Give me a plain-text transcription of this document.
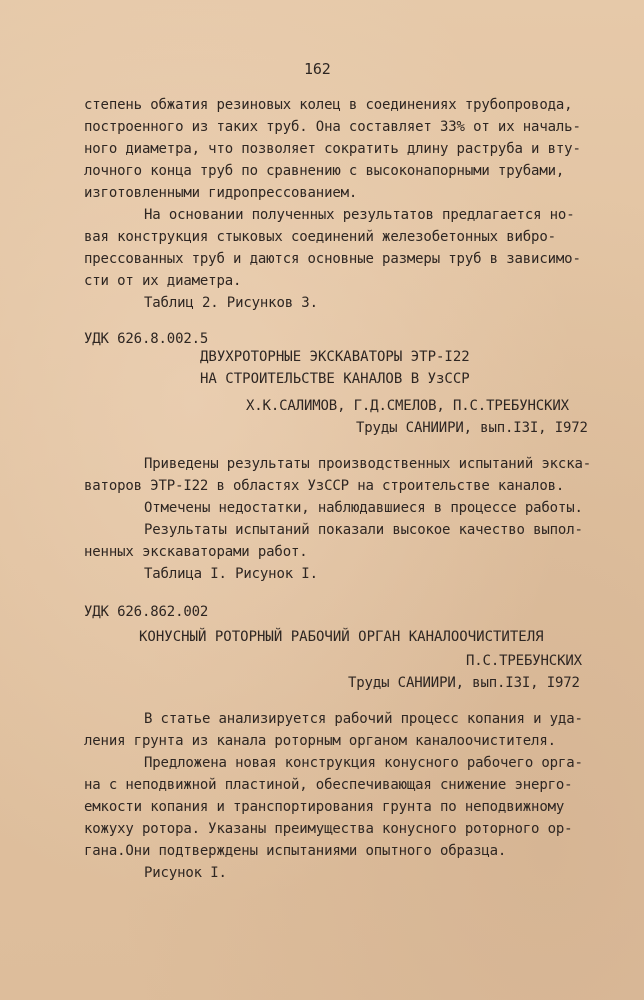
162
степень обжатия резиновых колец в соединениях трубопровода,
построенного из таких труб. Она составляет 33% от их началь-
ного диаметра, что позволяет сократить длину раструба и вту-
лочного конца труб по сравнению с высоконапорными трубами,
изготовленными гидропрессованием.
На основании полученных результатов предлагается но-
вая конструкция стыковых соединений железобетонных вибро-
прессованных труб и даются основные размеры труб в зависимо-
сти от их диаметра.
Таблиц 2. Рисунков 3.
УДК 626.8.002.5
ДВУХРОТОРНЫЕ ЭКСКАВАТОРЫ ЭТР-I22
НА СТРОИТЕЛЬСТВЕ КАНАЛОВ В УзССР
Х.К.САЛИМОВ, Г.Д.СМЕЛОВ, П.С.ТРЕБУНСКИХ
Труды САНИИРИ, вып.I3I, I972
Приведены результаты производственных испытаний экска-
ваторов ЭТР-I22 в областях УзССР на строительстве каналов.
Отмечены недостатки, наблюдавшиеся в процессе работы.
Результаты испытаний показали высокое качество выпол-
ненных экскаваторами работ.
Таблица I. Рисунок I.
УДК 626.862.002
КОНУСНЫЙ РОТОРНЫЙ РАБОЧИЙ ОРГАН КАНАЛООЧИСТИТЕЛЯ
П.С.ТРЕБУНСКИХ
Труды САНИИРИ, вып.I3I, I972
В статье анализируется рабочий процесс копания и уда-
ления грунта из канала роторным органом каналоочистителя.
Предложена новая конструкция конусного рабочего орга-
на с неподвижной пластиной, обеспечивающая снижение энерго-
емкости копания и транспортирования грунта по неподвижному
кожуху ротора. Указаны преимущества конусного роторного ор-
гана.Они подтверждены испытаниями опытного образца.
Рисунок I.
